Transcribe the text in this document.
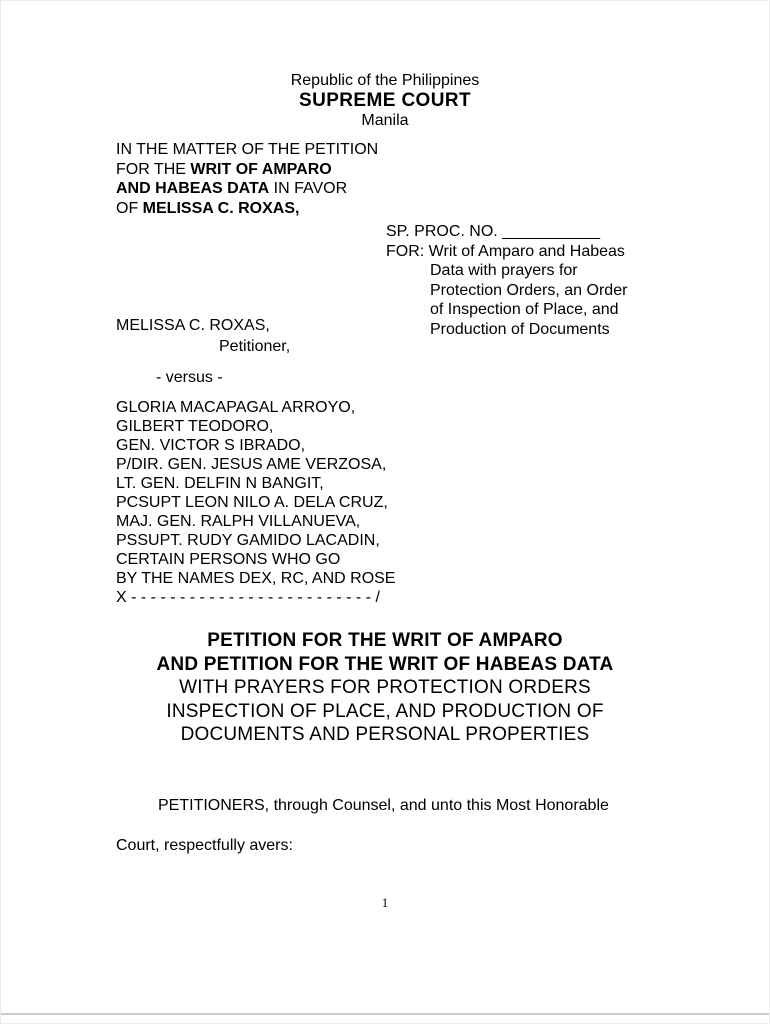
Republic of the Philippines
SUPREME COURT
Manila
IN THE MATTER OF THE PETITION
FOR THE WRIT OF AMPARO
AND HABEAS DATA IN FAVOR
OF MELISSA C. ROXAS,
SP. PROC. NO. ___________
FOR: Writ of Amparo and Habeas
Data with prayers for
Protection Orders, an Order
of Inspection of Place, and
Production of Documents
MELISSA C. ROXAS,
Petitioner,
- versus -
GLORIA MACAPAGAL ARROYO,
GILBERT TEODORO,
GEN. VICTOR S IBRADO,
P/DIR. GEN. JESUS AME VERZOSA,
LT. GEN. DELFIN N BANGIT,
PCSUPT LEON NILO A. DELA CRUZ,
MAJ. GEN. RALPH VILLANUEVA,
PSSUPT. RUDY GAMIDO LACADIN,
CERTAIN PERSONS WHO GO
BY THE NAMES DEX, RC, AND ROSE
X - - - - - - - - - - - - - - - - - - - - - - - - - /
PETITION FOR THE WRIT OF AMPARO
AND PETITION FOR THE WRIT OF HABEAS DATA
WITH PRAYERS FOR PROTECTION ORDERS
INSPECTION OF PLACE, AND PRODUCTION OF
DOCUMENTS AND PERSONAL PROPERTIES
PETITIONERS, through Counsel, and unto this Most Honorable
Court, respectfully avers:
1
